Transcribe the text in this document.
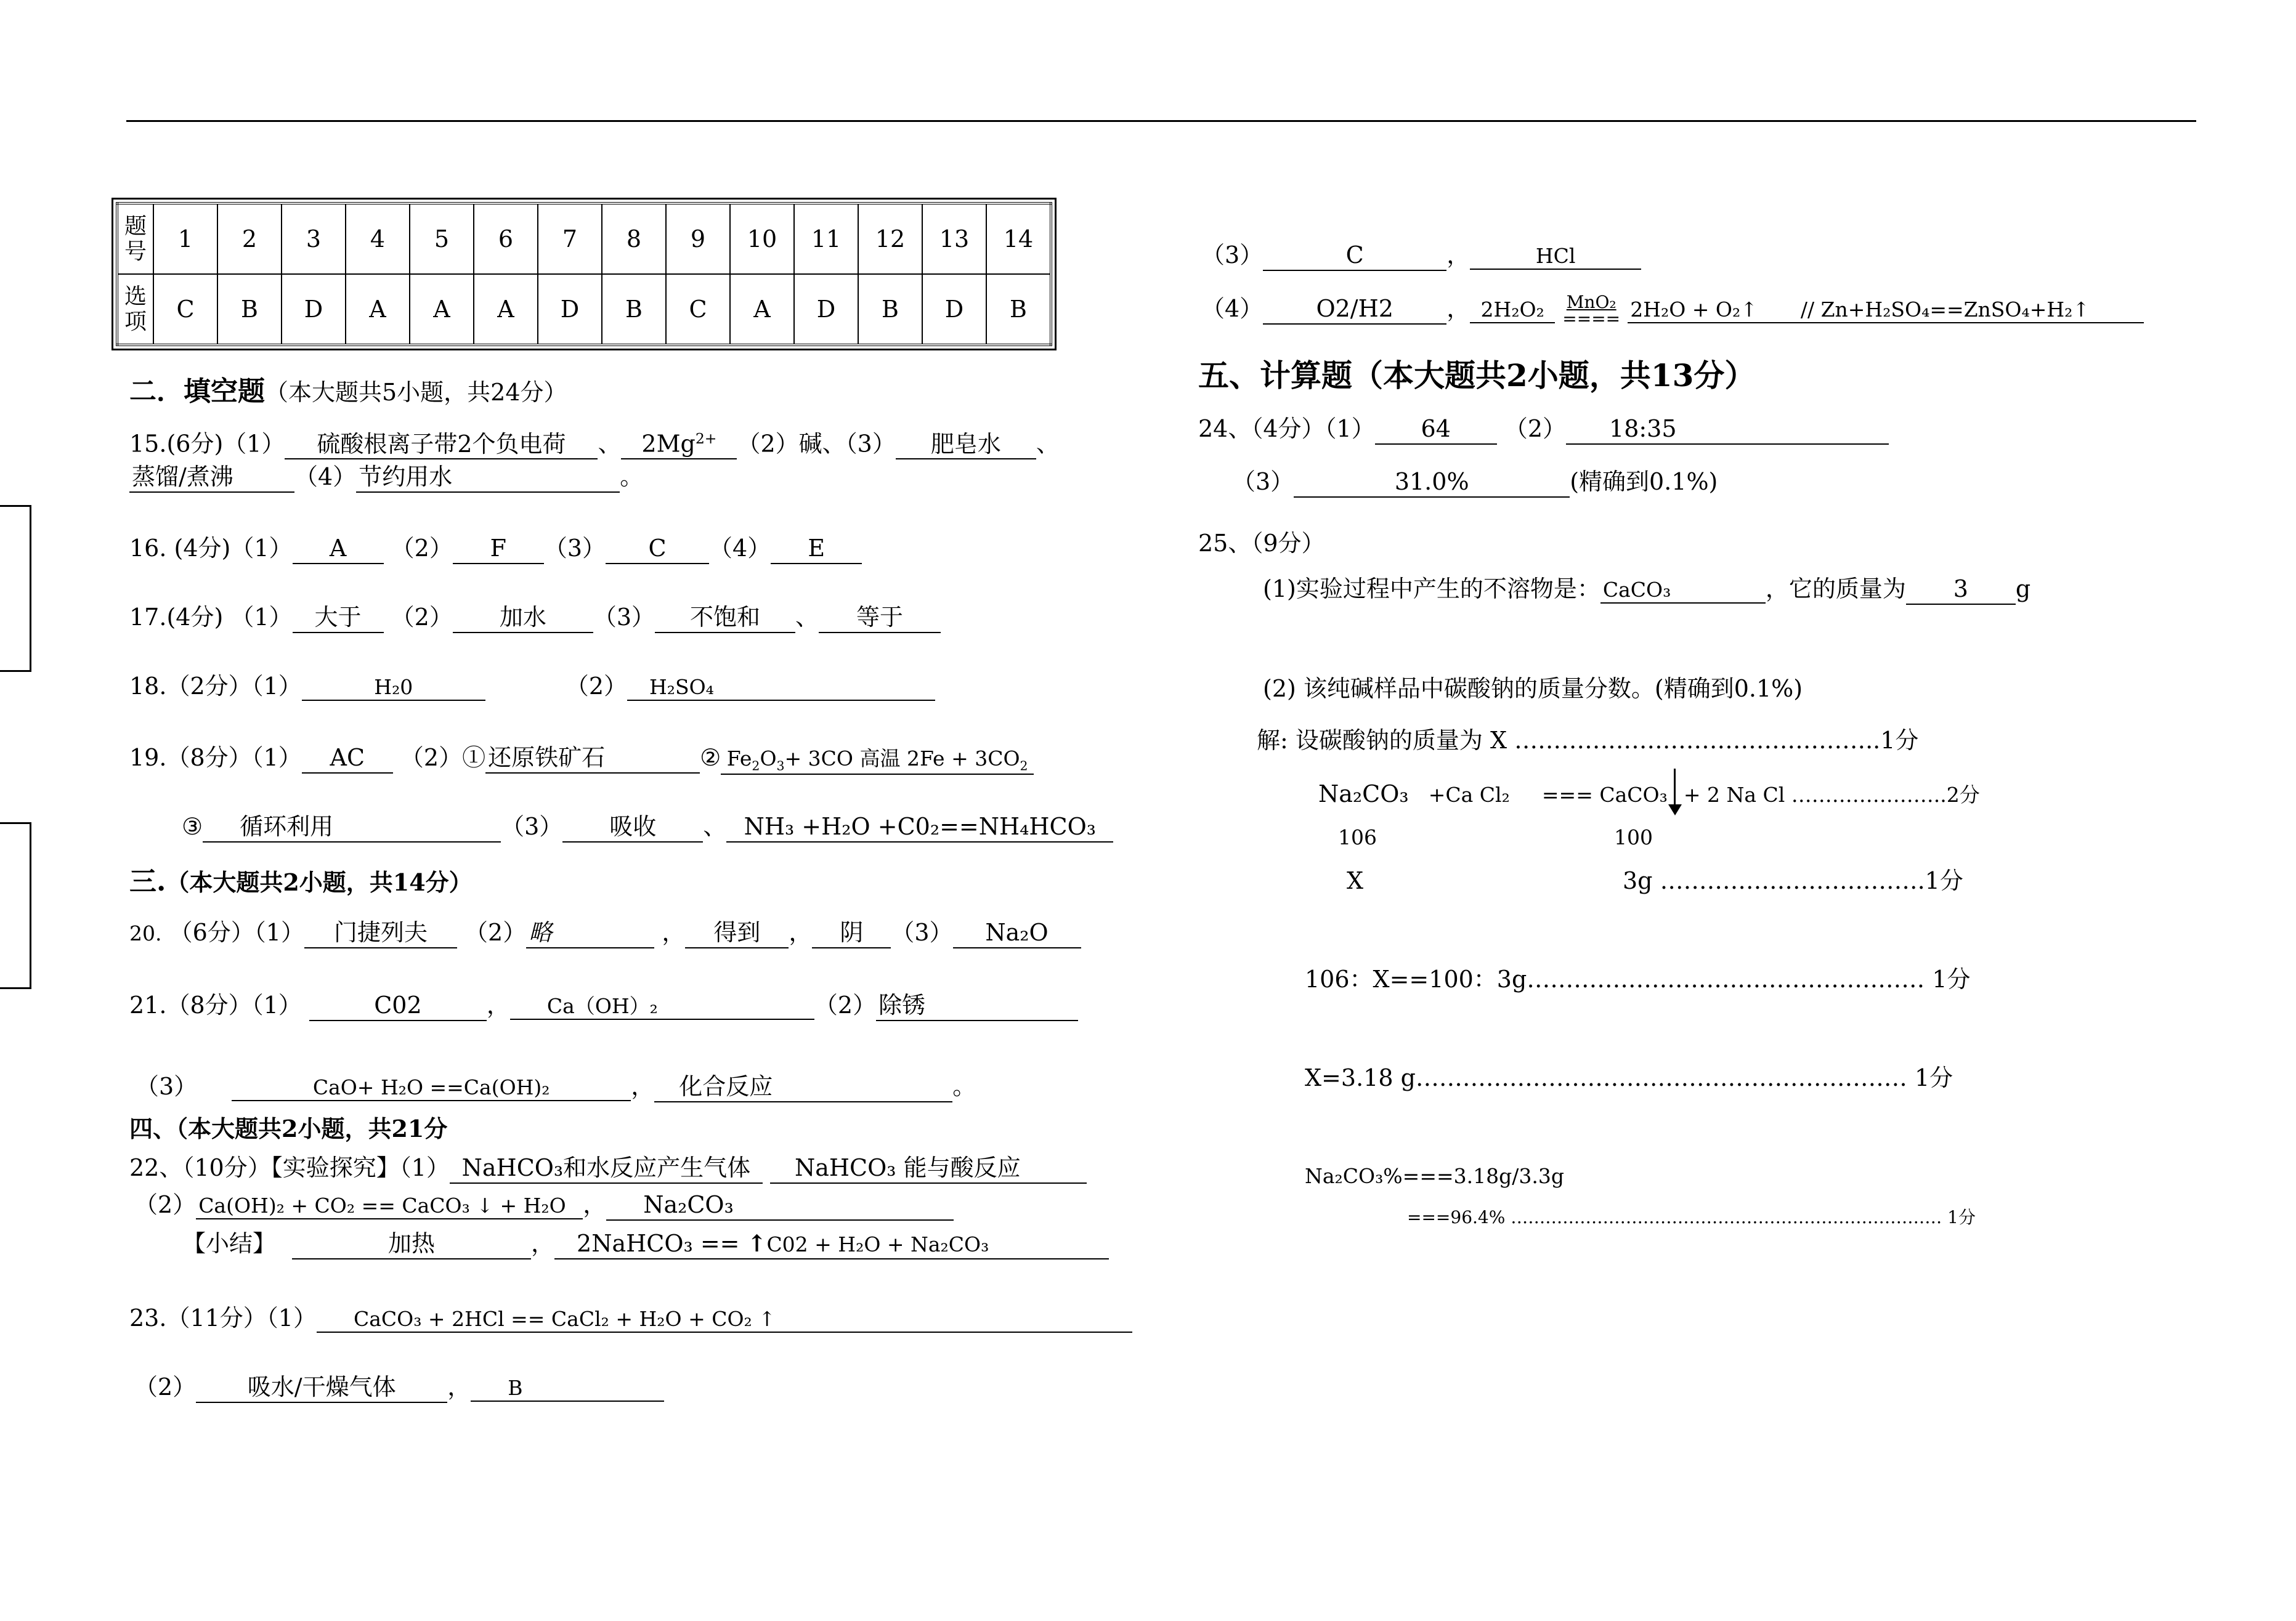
题号	1	2	3	4	5	6	7	8	9	10	11	12	13	14
选项	C	B	D	A	A	A	D	B	C	A	D	B	D	B
二．填空题（本大题共5小题，共24分）
15.(6分)（1） 硫酸根离子带2个负电荷 、 $2Mg^{2+}$ （2）碱、（3） 肥皂水 、
蒸馏/煮沸	（4） 节约用水	。
16. (4分)（1） A （2） F （3） C （4） E
17.(4分) （1） 大于 （2） 加水 （3） 不饱和 、 等于
18.（2分）（1）	H₂0	（2） H₂SO₄
19.（8分）（1） AC （2）① 还原铁矿石	② $Fe_2O_3+ 3CO$ 高温 $2Fe + 3CO_2$
③ 循环利用	（3） 吸收 、 NH₃ +H₂O +C0₂==NH₄HCO₃
三.（本大题共2小题，共14分）
20. （6分）（1） 门捷列夫 （2） 略	， 得到 ， 阴 （3） Na₂O
21.（8分）（1）	C02	， Ca（OH）₂	（2） 除锈
（3）	CaO+ H₂O ==Ca(OH)₂	， 化合反应	。
四、（本大题共2小题，共21分
22、（10分）【实验探究】（1） NaHCO₃和水反应产生气体 NaHCO₃ 能与酸反应
（2） Ca(OH)₂ + CO₂ == CaCO₃ ↓ + H₂O ， Na₂CO₃
【小结】	加热	， 2NaHCO₃ == ↑C02 + H₂O + Na₂CO₃
23.（11分）（1） CaCO₃ + 2HCl == CaCl₂ + H₂O + CO₂ ↑
（2） 吸水/干燥气体 ， B
（3）	C	，	HCl
（4） O2/H2 ， 2H₂O₂ MnO₂
==== 2H₂O + O₂↑ // Zn+H₂SO₄==ZnSO₄+H₂↑
五、计算题（本大题共2小题，共13分）
24、（4分）（1） 64 （2） 18:35
（3）	31.0%	(精确到0.1%)
25、（9分）
(1)实验过程中产生的不溶物是： CaCO₃	，它的质量为 3 g
(2) 该纯碱样品中碳酸钠的质量分数。(精确到0.1%)
解: 设碳酸钠的质量为 X ………………………………………..1分
Na₂CO₃ +Ca Cl₂ === CaCO₃ + 2 Na Cl …………………..2分
106	100
X	3g …………………………….1分
106：X==100：3g…………………………………………… 1分
X=3.18 g……………………………………………………… 1分
Na₂CO₃%===3.18g/3.3g
===96.4% ………………………………………………………………… 1分
